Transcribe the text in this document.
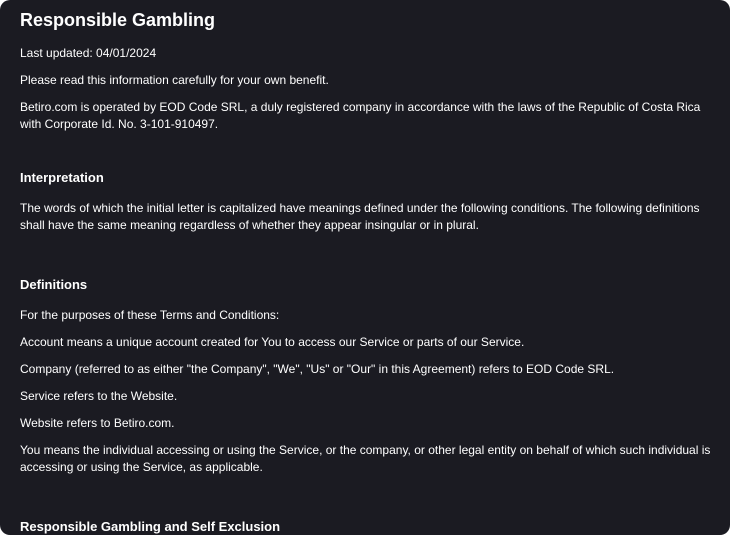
Responsible Gambling

Last updated: 04/01/2024

Please read this information carefully for your own benefit.

Betiro.com is operated by EOD Code SRL, a duly registered company in accordance with the laws of the Republic of Costa Rica with Corporate Id. No. 3-101-910497.

Interpretation

The words of which the initial letter is capitalized have meanings defined under the following conditions. The following definitions shall have the same meaning regardless of whether they appear insingular or in plural.

Definitions

For the purposes of these Terms and Conditions:

Account means a unique account created for You to access our Service or parts of our Service.

Company (referred to as either "the Company", "We", "Us" or "Our" in this Agreement) refers to EOD Code SRL.

Service refers to the Website.

Website refers to Betiro.com.

You means the individual accessing or using the Service, or the company, or other legal entity on behalf of which such individual is accessing or using the Service, as applicable.

Responsible Gambling and Self Exclusion
